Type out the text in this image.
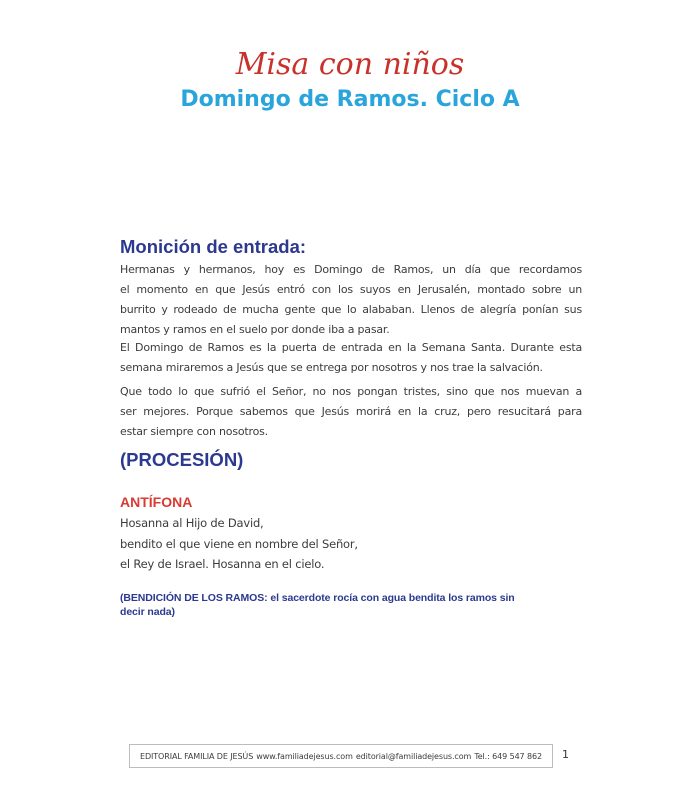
Misa con niños
Domingo de Ramos. Ciclo A
Monición de entrada:
Hermanas y hermanos, hoy es Domingo de Ramos, un día que recordamos
el momento en que Jesús entró con los suyos en Jerusalén, montado sobre un
burrito y rodeado de mucha gente que lo alababan. Llenos de alegría ponían sus
mantos y ramos en el suelo por donde iba a pasar.
El Domingo de Ramos es la puerta de entrada en la Semana Santa. Durante esta
semana miraremos a Jesús que se entrega por nosotros y nos trae la salvación.
Que todo lo que sufrió el Señor, no nos pongan tristes, sino que nos muevan a
ser mejores. Porque sabemos que Jesús morirá en la cruz, pero resucitará para
estar siempre con nosotros.
(PROCESIÓN)
ANTÍFONA
Hosanna al Hijo de David,
bendito el que viene en nombre del Señor,
el Rey de Israel. Hosanna en el cielo.
(BENDICIÓN DE LOS RAMOS: el sacerdote rocía con agua bendita los ramos sin
decir nada)
EDITORIAL FAMILIA DE JESÚS www.familiadejesus.com editorial@familiadejesus.com Tel.: 649 547 862 1
